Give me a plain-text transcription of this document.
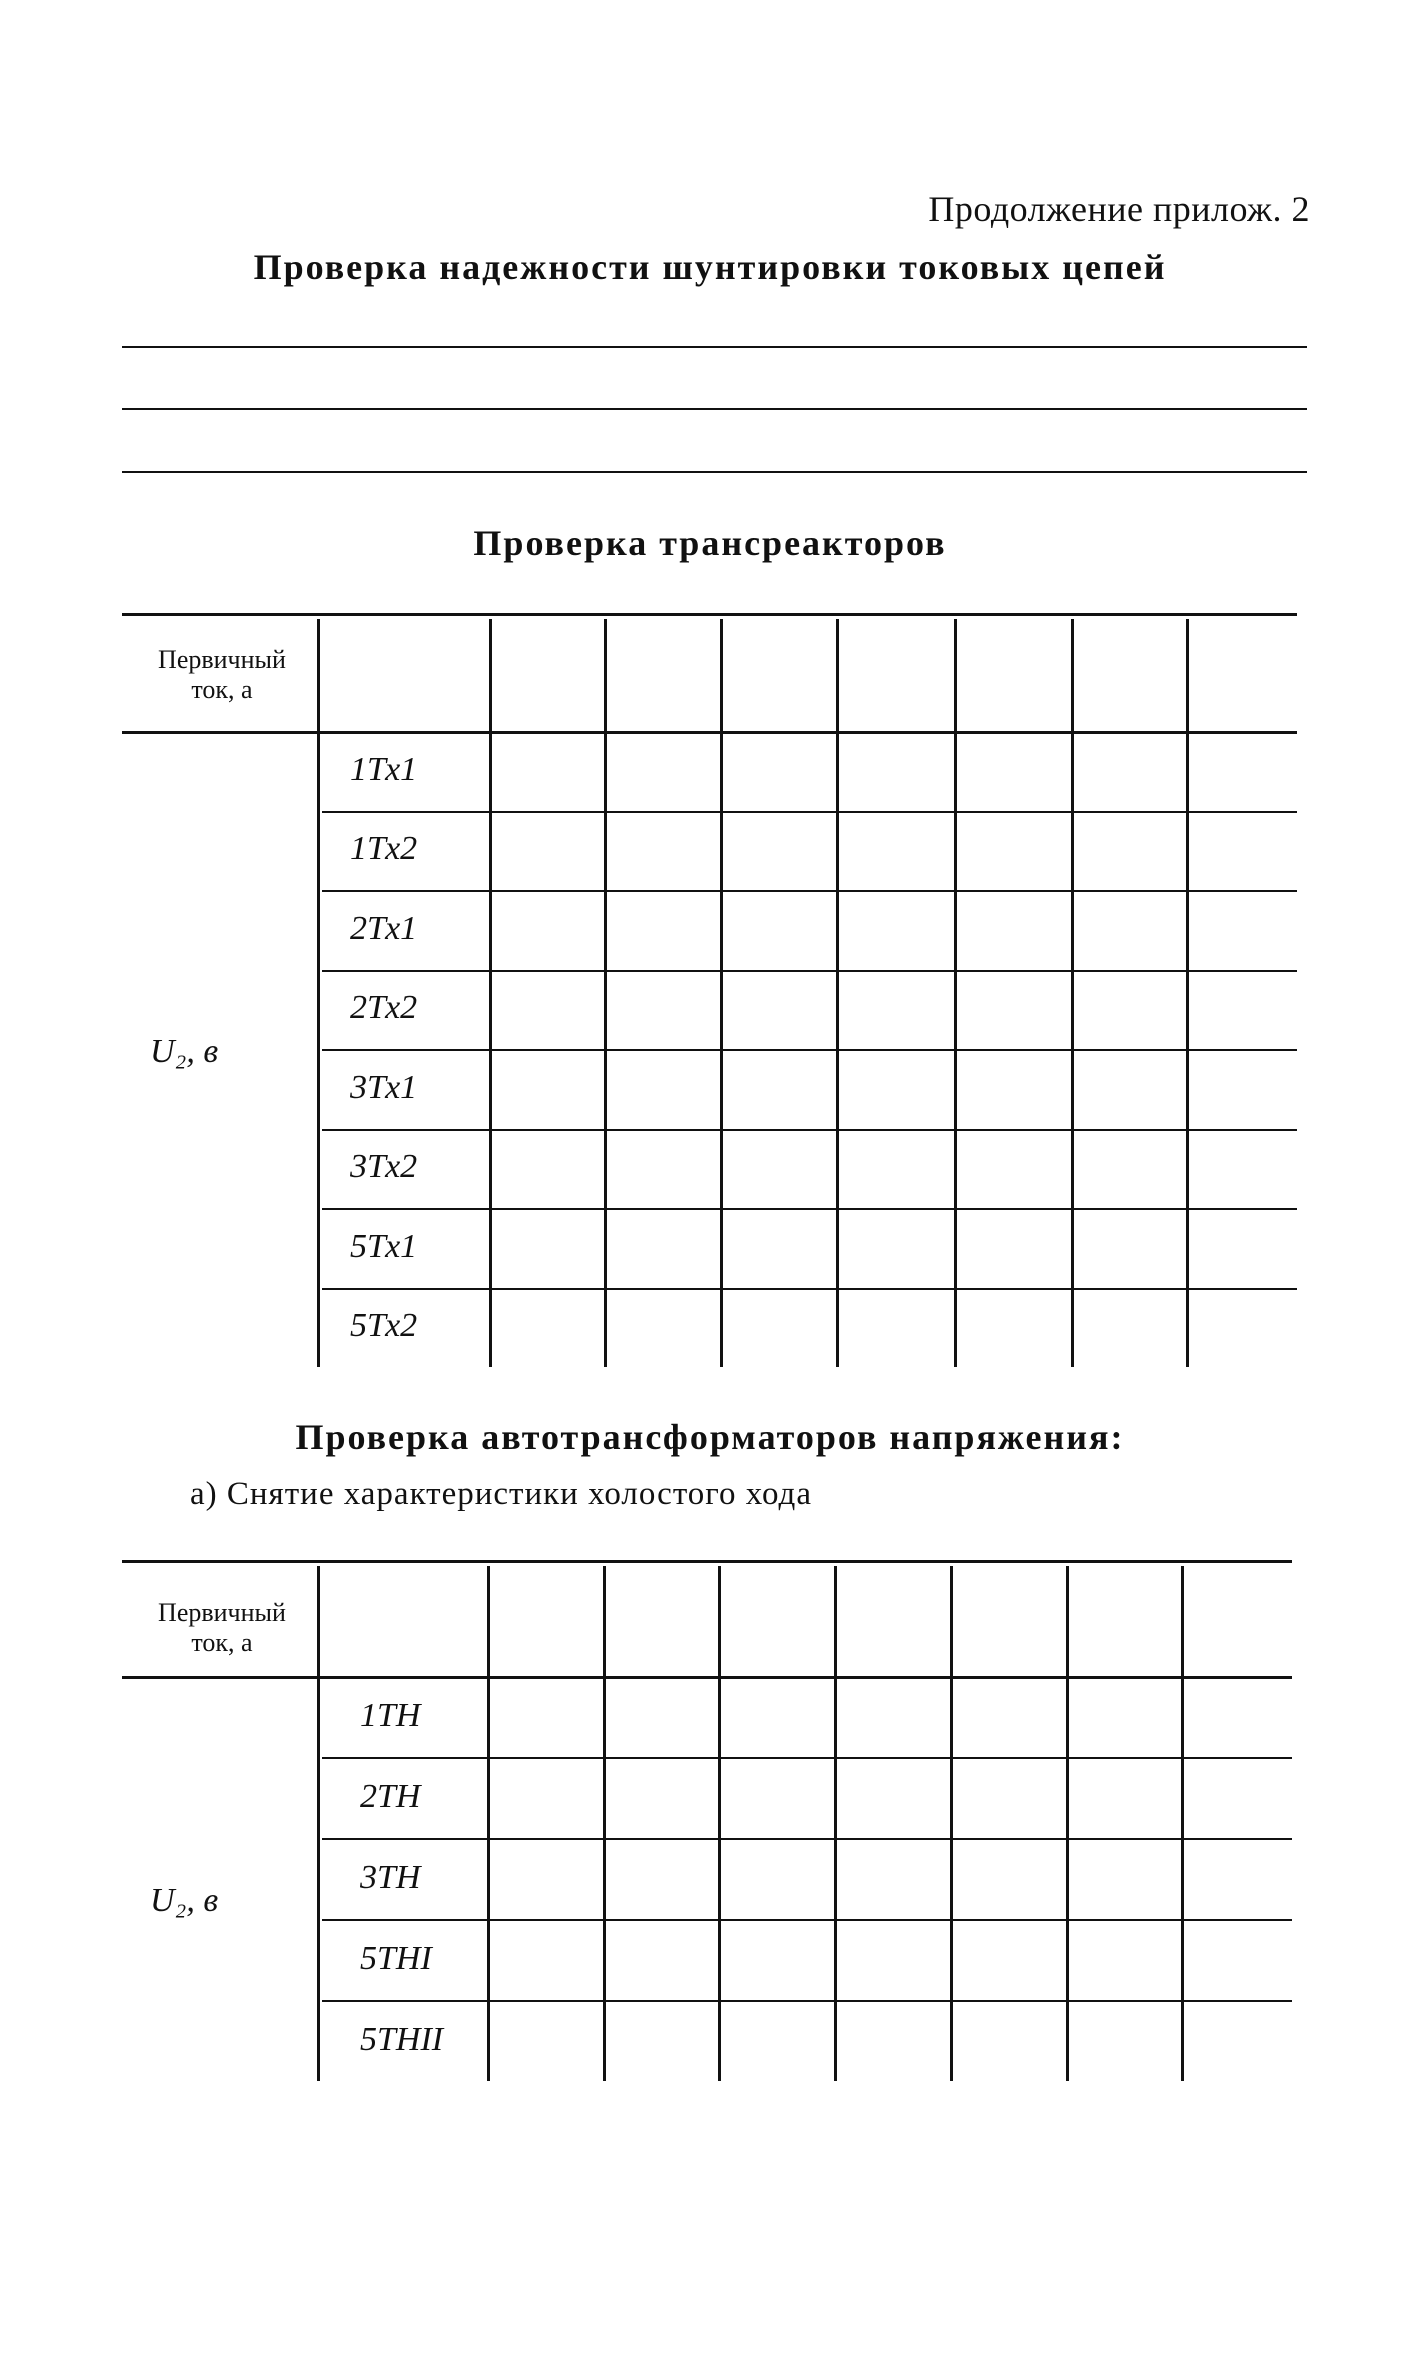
Продолжение прилож. 2
Проверка надежности шунтировки токовых цепей
Проверка трансреакторов
Первичный
ток, а
U₂, в
1Тх1
1Тх2
2Тх1
2Тх2
3Тх1
3Тх2
5Тх1
5Тх2
Проверка автотрансформаторов напряжения:
а) Снятие характеристики холостого хода
Первичный
ток, а
U₂, в
1ТН
2ТН
3ТН
5ТНI
5ТНII
